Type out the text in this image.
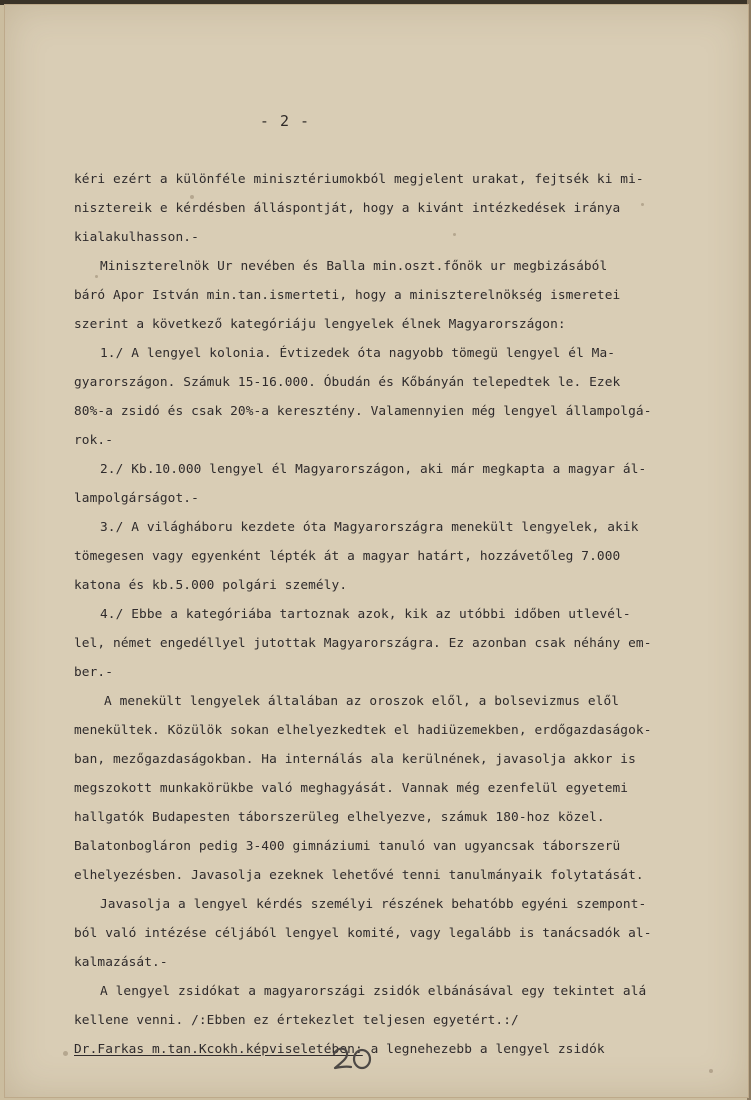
- 2 -
kéri ezért a különféle minisztériumokból megjelent urakat, fejtsék ki mi-
nisztereik e kérdésben álláspontját, hogy a kivánt intézkedések iránya
kialakulhasson.-
Miniszterelnök Ur nevében és Balla min.oszt.főnök ur megbizásából
báró Apor István min.tan.ismerteti, hogy a miniszterelnökség ismeretei
szerint a következő kategóriáju lengyelek élnek Magyarországon:
1./ A lengyel kolonia. Évtizedek óta nagyobb tömegü lengyel él Ma-
gyarországon. Számuk 15-16.000. Óbudán és Kőbányán telepedtek le. Ezek
80%-a zsidó és csak 20%-a keresztény. Valamennyien még lengyel állampolgá-
rok.-
2./ Kb.10.000 lengyel él Magyarországon, aki már megkapta a magyar ál-
lampolgárságot.-
3./ A világháboru kezdete óta Magyarországra menekült lengyelek, akik
tömegesen vagy egyenként lépték át a magyar határt, hozzávetőleg 7.000
katona és kb.5.000 polgári személy.
4./ Ebbe a kategóriába tartoznak azok, kik az utóbbi időben utlevél-
lel, német engedéllyel jutottak Magyarországra. Ez azonban csak néhány em-
ber.-
A menekült lengyelek általában az oroszok elől, a bolsevizmus elől
menekültek. Közülök sokan elhelyezkedtek el hadiüzemekben, erdőgazdaságok-
ban, mezőgazdaságokban. Ha internálás ala kerülnének, javasolja akkor is
megszokott munkakörükbe való meghagyását. Vannak még ezenfelül egyetemi
hallgatók Budapesten táborszerüleg elhelyezve, számuk 180-hoz közel.
Balatonbogláron pedig 3-400 gimnáziumi tanuló van ugyancsak táborszerü
elhelyezésben. Javasolja ezeknek lehetővé tenni tanulmányaik folytatását.
Javasolja a lengyel kérdés személyi részének behatóbb egyéni szempont-
ból való intézése céljából lengyel komité, vagy legalább is tanácsadók al-
kalmazását.-
A lengyel zsidókat a magyarországi zsidók elbánásával egy tekintet alá
kellene venni. /:Ebben ez értekezlet teljesen egyetért.:/
Dr.Farkas m.tan.Kcokh.képviseletében: a legnehezebb a lengyel zsidók
